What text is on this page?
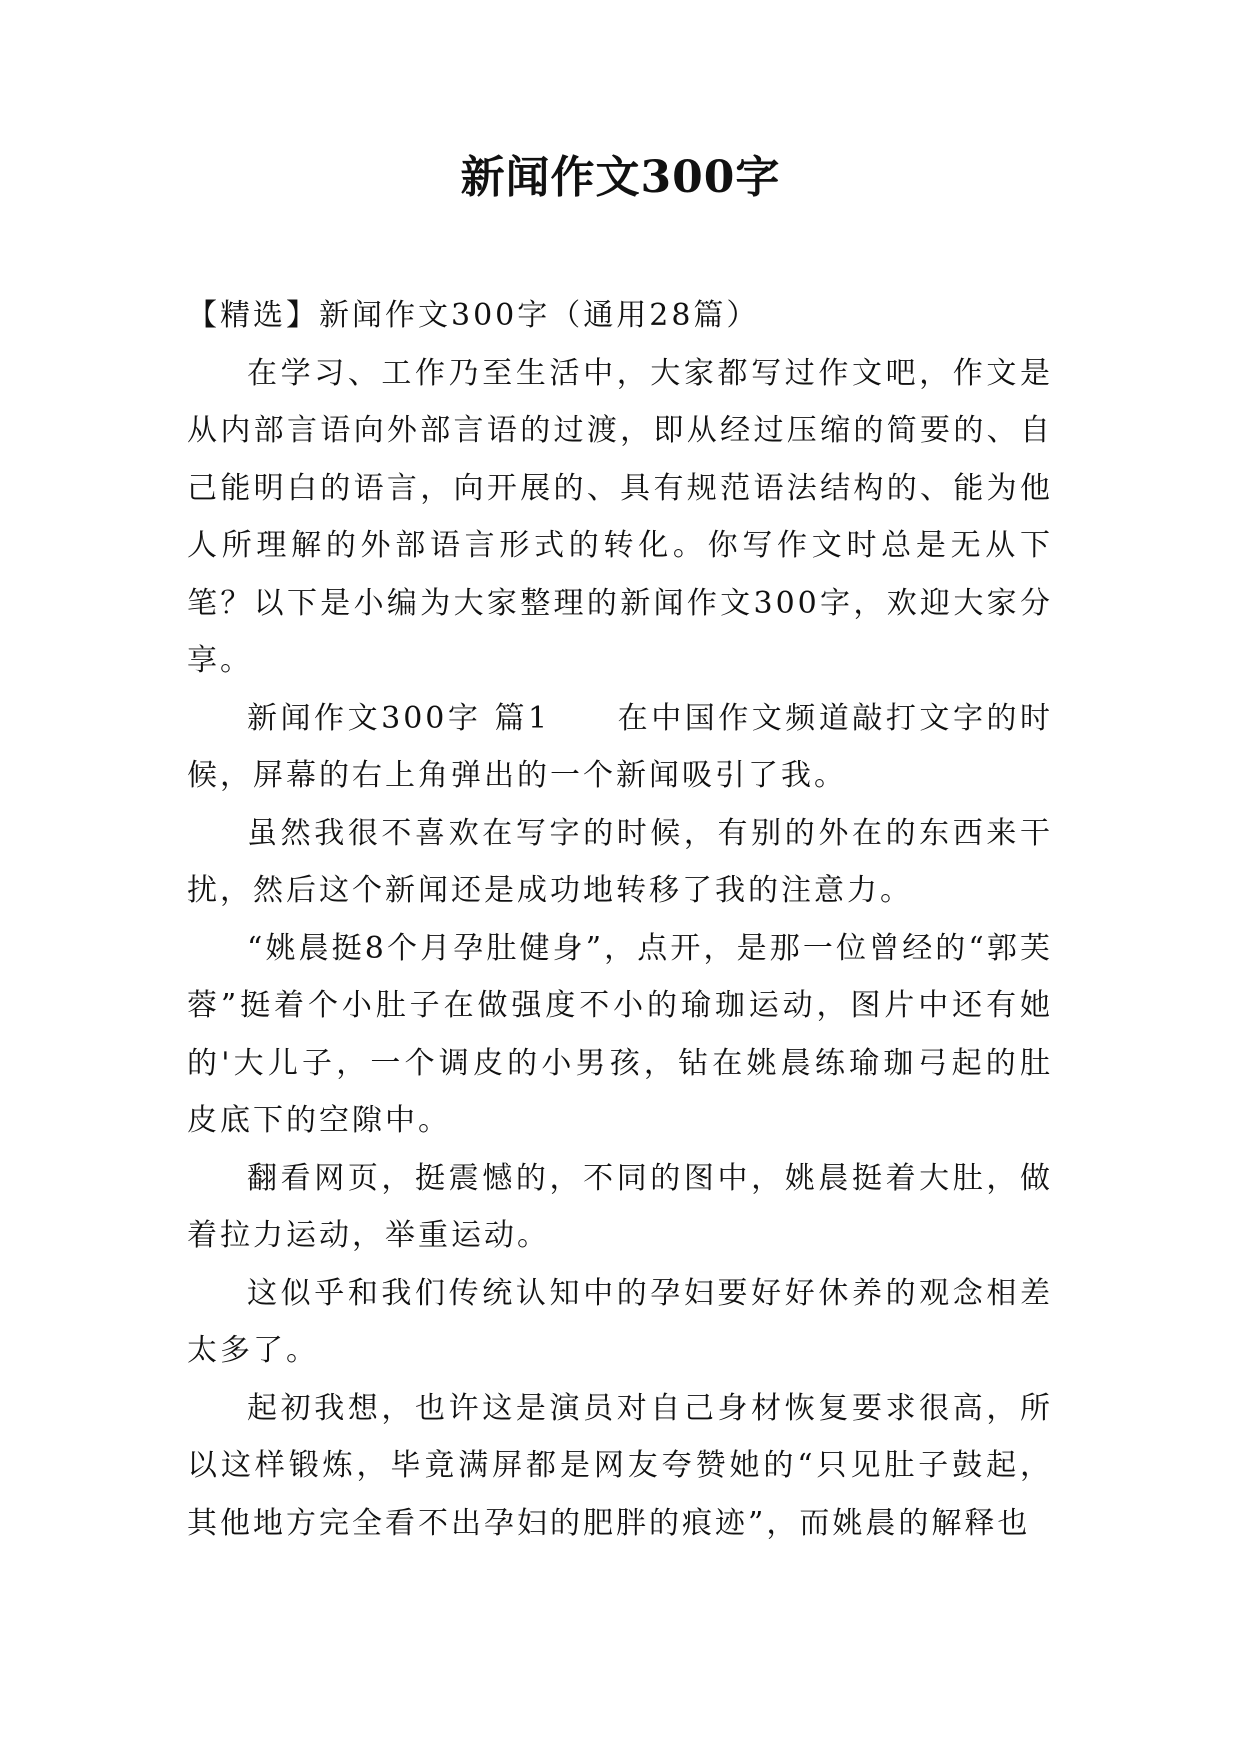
新闻作文300字

【精选】新闻作文300字（通用28篇）

在学习、工作乃至生活中，大家都写过作文吧，作文是从内部言语向外部言语的过渡，即从经过压缩的简要的、自己能明白的语言，向开展的、具有规范语法结构的、能为他人所理解的外部语言形式的转化。你写作文时总是无从下笔？以下是小编为大家整理的新闻作文300字，欢迎大家分享。

新闻作文300字 篇1　　在中国作文频道敲打文字的时候，屏幕的右上角弹出的一个新闻吸引了我。

虽然我很不喜欢在写字的时候，有别的外在的东西来干扰，然后这个新闻还是成功地转移了我的注意力。

“姚晨挺8个月孕肚健身”，点开，是那一位曾经的“郭芙蓉”挺着个小肚子在做强度不小的瑜珈运动，图片中还有她的'大儿子，一个调皮的小男孩，钻在姚晨练瑜珈弓起的肚皮底下的空隙中。

翻看网页，挺震憾的，不同的图中，姚晨挺着大肚，做着拉力运动，举重运动。

这似乎和我们传统认知中的孕妇要好好休养的观念相差太多了。

起初我想，也许这是演员对自己身材恢复要求很高，所以这样锻炼，毕竟满屏都是网友夸赞她的“只见肚子鼓起，其他地方完全看不出孕妇的肥胖的痕迹”，而姚晨的解释也
